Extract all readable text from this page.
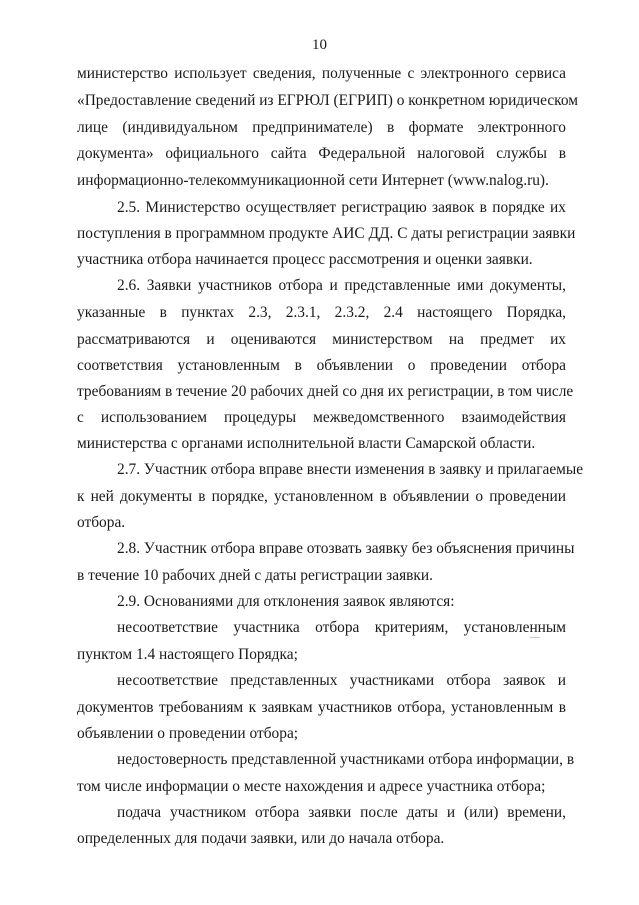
10
министерство использует сведения, полученные с электронного сервиса
«Предоставление сведений из ЕГРЮЛ (ЕГРИП) о конкретном юридическом
лице (индивидуальном предпринимателе) в формате электронного
документа» официального сайта Федеральной налоговой службы в
информационно-телекоммуникационной сети Интернет (www.nalog.ru).
2.5. Министерство осуществляет регистрацию заявок в порядке их
поступления в программном продукте АИС ДД. С даты регистрации заявки
участника отбора начинается процесс рассмотрения и оценки заявки.
2.6. Заявки участников отбора и представленные ими документы,
указанные в пунктах 2.3, 2.3.1, 2.3.2, 2.4 настоящего Порядка,
рассматриваются и оцениваются министерством на предмет их
соответствия установленным в объявлении о проведении отбора
требованиям в течение 20 рабочих дней со дня их регистрации, в том числе
с использованием процедуры межведомственного взаимодействия
министерства с органами исполнительной власти Самарской области.
2.7. Участник отбора вправе внести изменения в заявку и прилагаемые
к ней документы в порядке, установленном в объявлении о проведении
отбора.
2.8. Участник отбора вправе отозвать заявку без объяснения причины
в течение 10 рабочих дней с даты регистрации заявки.
2.9. Основаниями для отклонения заявок являются:
несоответствие участника отбора критериям, установленным
пунктом 1.4 настоящего Порядка;
несоответствие представленных участниками отбора заявок и
документов требованиям к заявкам участников отбора, установленным в
объявлении о проведении отбора;
недостоверность представленной участниками отбора информации, в
том числе информации о месте нахождения и адресе участника отбора;
подача участником отбора заявки после даты и (или) времени,
определенных для подачи заявки, или до начала отбора.
